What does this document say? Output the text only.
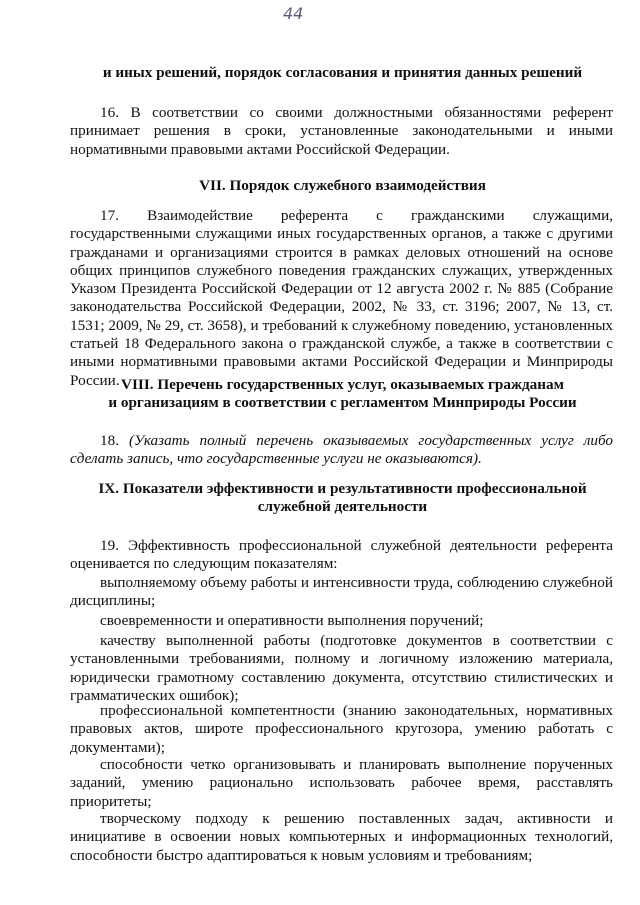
44

и иных решений, порядок согласования и принятия данных решений

16. В соответствии со своими должностными обязанностями референт принимает решения в сроки, установленные законодательными и иными нормативными правовыми актами Российской Федерации.

VII. Порядок служебного взаимодействия

17. Взаимодействие референта с гражданскими служащими, государственными служащими иных государственных органов, а также с другими гражданами и организациями строится в рамках деловых отношений на основе общих принципов служебного поведения гражданских служащих, утвержденных Указом Президента Российской Федерации от 12 августа 2002 г. № 885 (Собрание законодательства Российской Федерации, 2002, № 33, ст. 3196; 2007, № 13, ст. 1531; 2009, № 29, ст. 3658), и требований к служебному поведению, установленных статьей 18 Федерального закона о гражданской службе, а также в соответствии с иными нормативными правовыми актами Российской Федерации и Минприроды России. VIII. Перечень государственных услуг, оказываемых гражданам
и организациям в соответствии с регламентом Минприроды России

18. (Указать полный перечень оказываемых государственных услуг либо сделать запись, что государственные услуги не оказываются).

IX. Показатели эффективности и результативности профессиональной
служебной деятельности

19. Эффективность профессиональной служебной деятельности референта оценивается по следующим показателям:

выполняемому объему работы и интенсивности труда, соблюдению служебной дисциплины;

своевременности и оперативности выполнения поручений;

качеству выполненной работы (подготовке документов в соответствии с установленными требованиями, полному и логичному изложению материала, юридически грамотному составлению документа, отсутствию стилистических и грамматических ошибок);

профессиональной компетентности (знанию законодательных, нормативных правовых актов, широте профессионального кругозора, умению работать с документами);

способности четко организовывать и планировать выполнение порученных заданий, умению рационально использовать рабочее время, расставлять приоритеты;

творческому подходу к решению поставленных задач, активности и инициативе в освоении новых компьютерных и информационных технологий, способности быстро адаптироваться к новым условиям и требованиям;
